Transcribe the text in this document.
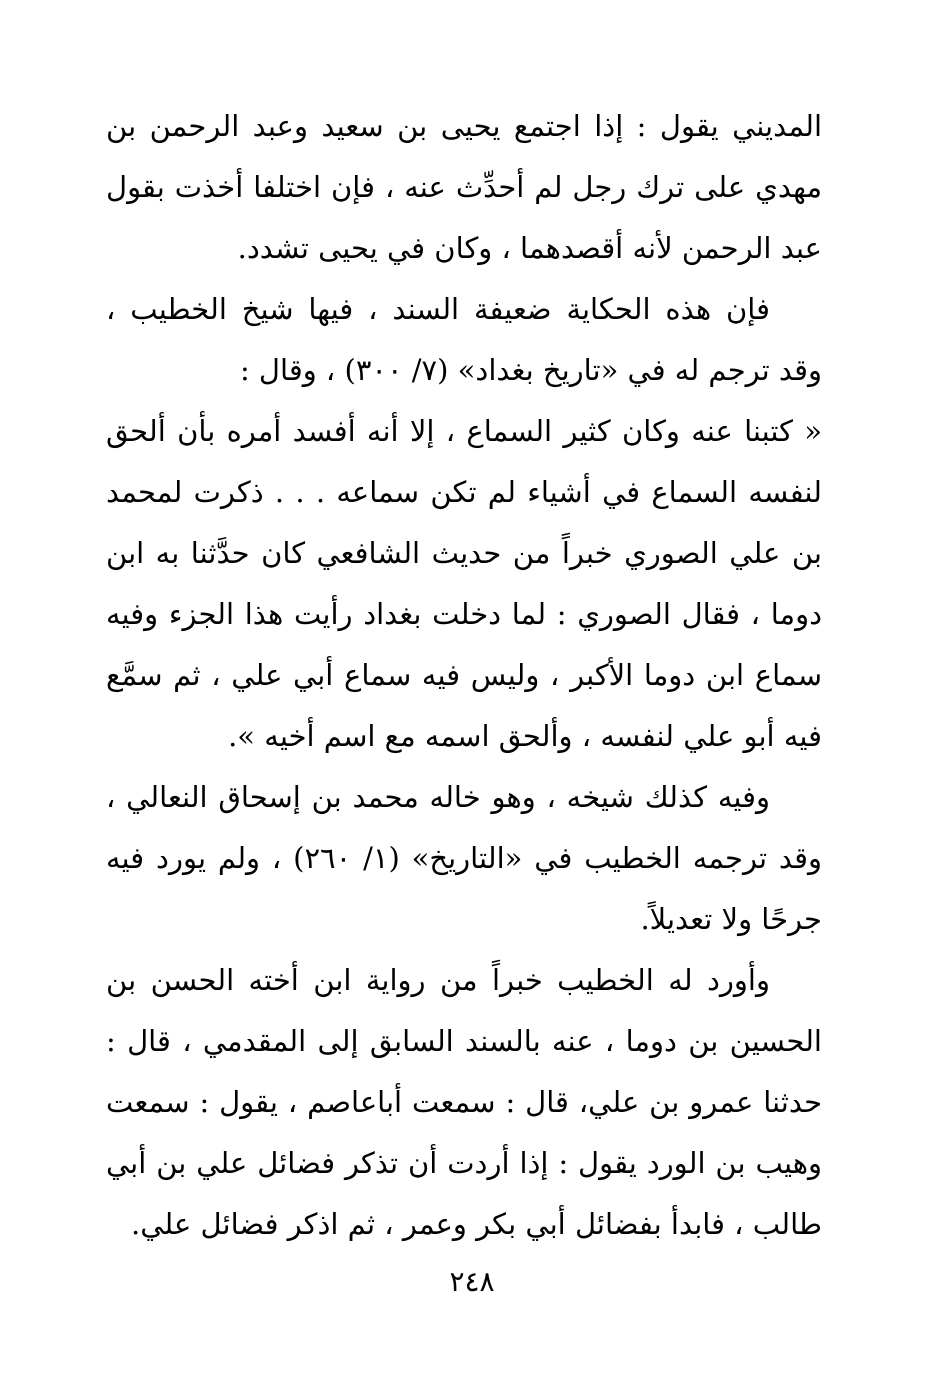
المديني يقول : إذا اجتمع يحيى بن سعيد وعبد الرحمن بن مهدي على ترك رجل لم أحدِّث عنه ، فإن اختلفا أخذت بقول عبد الرحمن لأنه أقصدهما ، وكان في يحيى تشدد.

فإن هذه الحكاية ضعيفة السند ، فيها شيخ الخطيب ، وقد ترجم له في «تاريخ بغداد» (٧/ ٣٠٠) ، وقال :

« كتبنا عنه وكان كثير السماع ، إلا أنه أفسد أمره بأن ألحق لنفسه السماع في أشياء لم تكن سماعه . . . ذكرت لمحمد بن علي الصوري خبراً من حديث الشافعي كان حدَّثنا به ابن دوما ، فقال الصوري : لما دخلت بغداد رأيت هذا الجزء وفيه سماع ابن دوما الأكبر ، وليس فيه سماع أبي علي ، ثم سمَّع فيه أبو علي لنفسه ، وألحق اسمه مع اسم أخيه ».

وفيه كذلك شيخه ، وهو خاله محمد بن إسحاق النعالي ، وقد ترجمه الخطيب في «التاريخ» (١/ ٢٦٠) ، ولم يورد فيه جرحًا ولا تعديلاً.

وأورد له الخطيب خبراً من رواية ابن أخته الحسن بن الحسين بن دوما ، عنه بالسند السابق إلى المقدمي ، قال : حدثنا عمرو بن علي، قال : سمعت أباعاصم ، يقول : سمعت وهيب بن الورد يقول : إذا أردت أن تذكر فضائل علي بن أبي طالب ، فابدأ بفضائل أبي بكر وعمر ، ثم اذكر فضائل علي.

٢٤٨
